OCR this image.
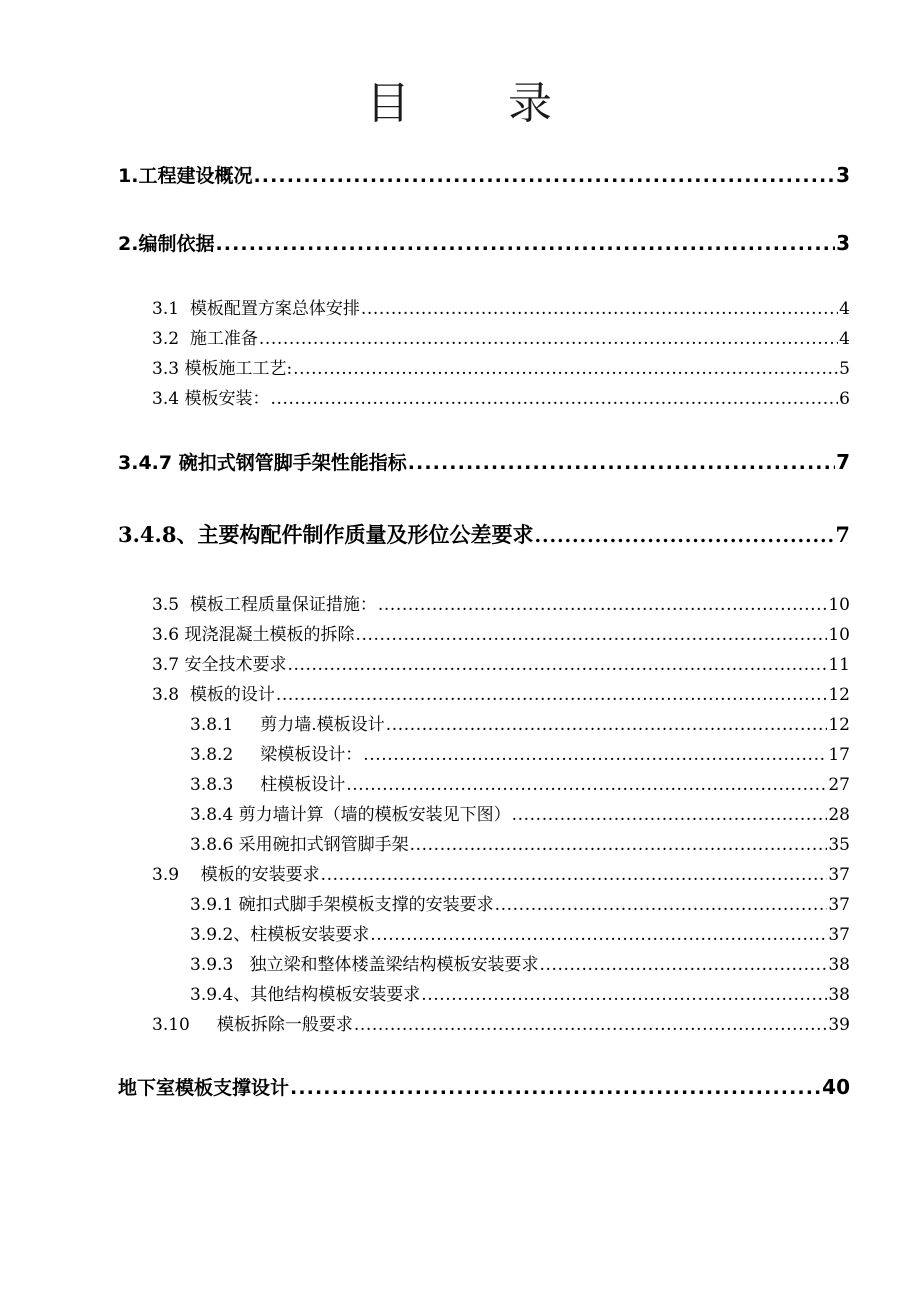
目      录
1.工程建设概况 .....	3
2.编制依据 .....	3
3.1  模板配置方案总体安排 .....	4
3.2  施工准备 .....	4
3.3 模板施工工艺: .....	5
3.4 模板安装： .....	6
3.4.7 碗扣式钢管脚手架性能指标 .....	7
3.4.8、主要构配件制作质量及形位公差要求 .....	7
3.5  模板工程质量保证措施： .....	10
3.6 现浇混凝土模板的拆除 .....	10
3.7 安全技术要求 .....	11
3.8  模板的设计 .....	12
3.8.1     剪力墙.模板设计 .....	12
3.8.2     梁模板设计： .....	17
3.8.3     柱模板设计 .....	27
3.8.4 剪力墙计算（墙的模板安装见下图） .....	28
3.8.6 采用碗扣式钢管脚手架 .....	35
3.9    模板的安装要求 .....	37
3.9.1 碗扣式脚手架模板支撑的安装要求 .....	37
3.9.2、柱模板安装要求 .....	37
3.9.3   独立梁和整体楼盖梁结构模板安装要求 .....	38
3.9.4、其他结构模板安装要求 .....	38
3.10     模板拆除一般要求 .....	39
地下室模板支撑设计 .....	40
